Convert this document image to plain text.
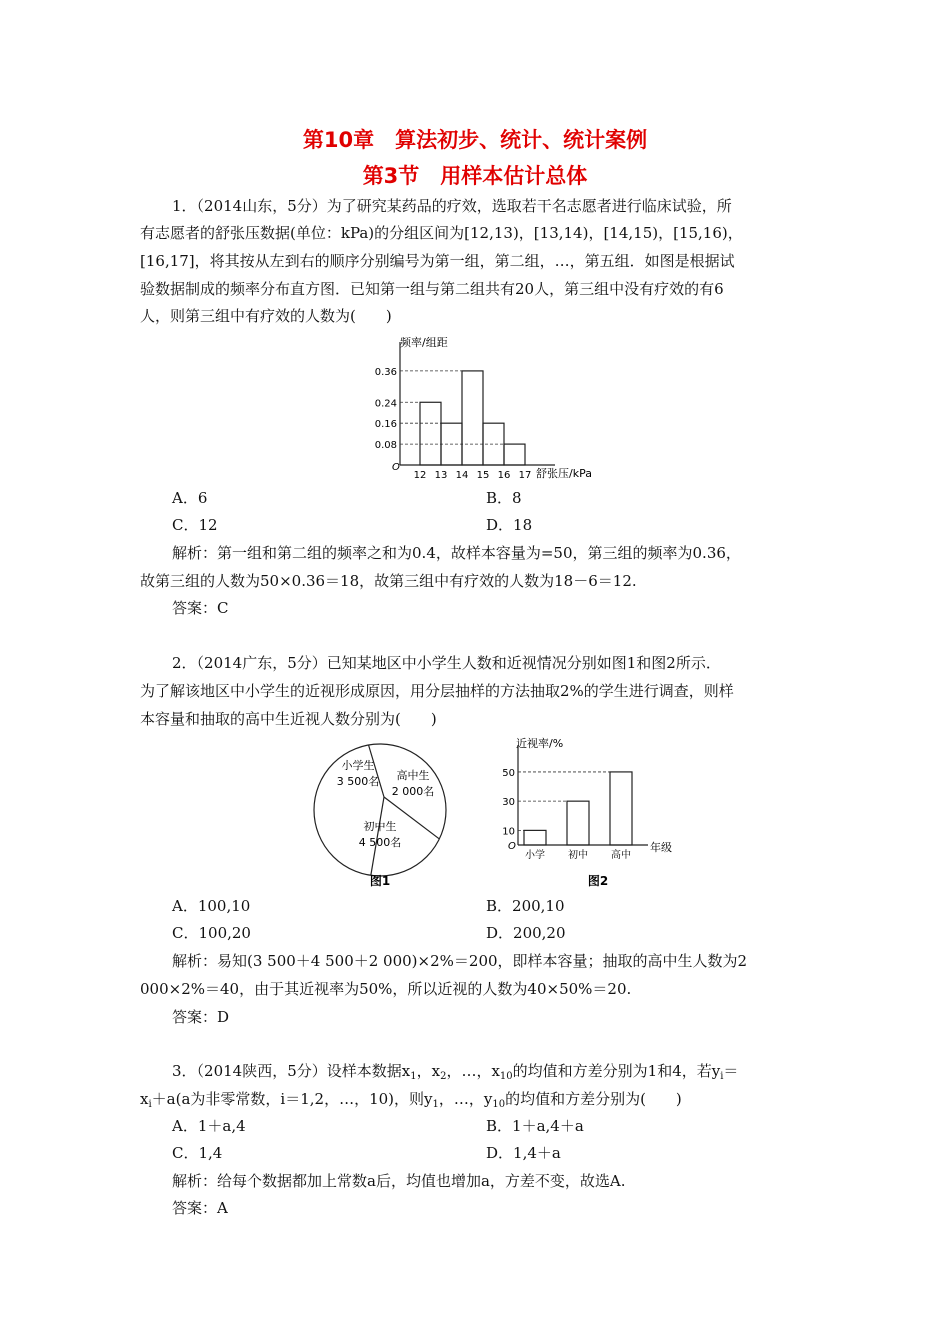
第10章　算法初步、统计、统计案例
第3节　用样本估计总体
1．（2014山东，5分）为了研究某药品的疗效，选取若干名志愿者进行临床试验，所
有志愿者的舒张压数据(单位：kPa)的分组区间为[12,13)，[13,14)，[14,15)，[15,16)，
[16,17]，将其按从左到右的顺序分别编号为第一组，第二组，…，第五组．如图是根据试
验数据制成的频率分布直方图．已知第一组与第二组共有20人，第三组中没有疗效的有6
人，则第三组中有疗效的人数为(　　)
O
0.08
0.16
0.24
0.36
12 13 14 15 16 17
频率/组距
舒张压/kPa
A．6	B．8
C．12	D．18
解析：第一组和第二组的频率之和为0.4，故样本容量为=50，第三组的频率为0.36，
故第三组的人数为50×0.36＝18，故第三组中有疗效的人数为18－6＝12.
答案：C
2．（2014广东，5分）已知某地区中小学生人数和近视情况分别如图1和图2所示．
为了解该地区中小学生的近视形成原因，用分层抽样的方法抽取2%的学生进行调查，则样
本容量和抽取的高中生近视人数分别为(　　)
小学生
3 500名 高中生
2 000名
初中生
4 500名
图1
O
10
30
50
小学 初中 高中
近视率/%
年级
图2
A．100,10	B．200,10
C．100,20	D．200,20
解析：易知(3 500＋4 500＋2 000)×2%＝200，即样本容量；抽取的高中生人数为2
000×2%＝40，由于其近视率为50%，所以近视的人数为40×50%＝20.
答案：D
3．（2014陕西，5分）设样本数据$x_1$，$x_2$，…，$x_{10}$的均值和方差分别为1和4，若$y_i=$
$x_i+a(a$为非零常数，i＝1,2，…，10)，则$y_1$，…，$y_{10}$的均值和方差分别为(　　)
A．1＋a,4	B．1＋a,4＋a
C．1,4	D．1,4＋a
解析：给每个数据都加上常数a后，均值也增加a，方差不变，故选A.
答案：A
